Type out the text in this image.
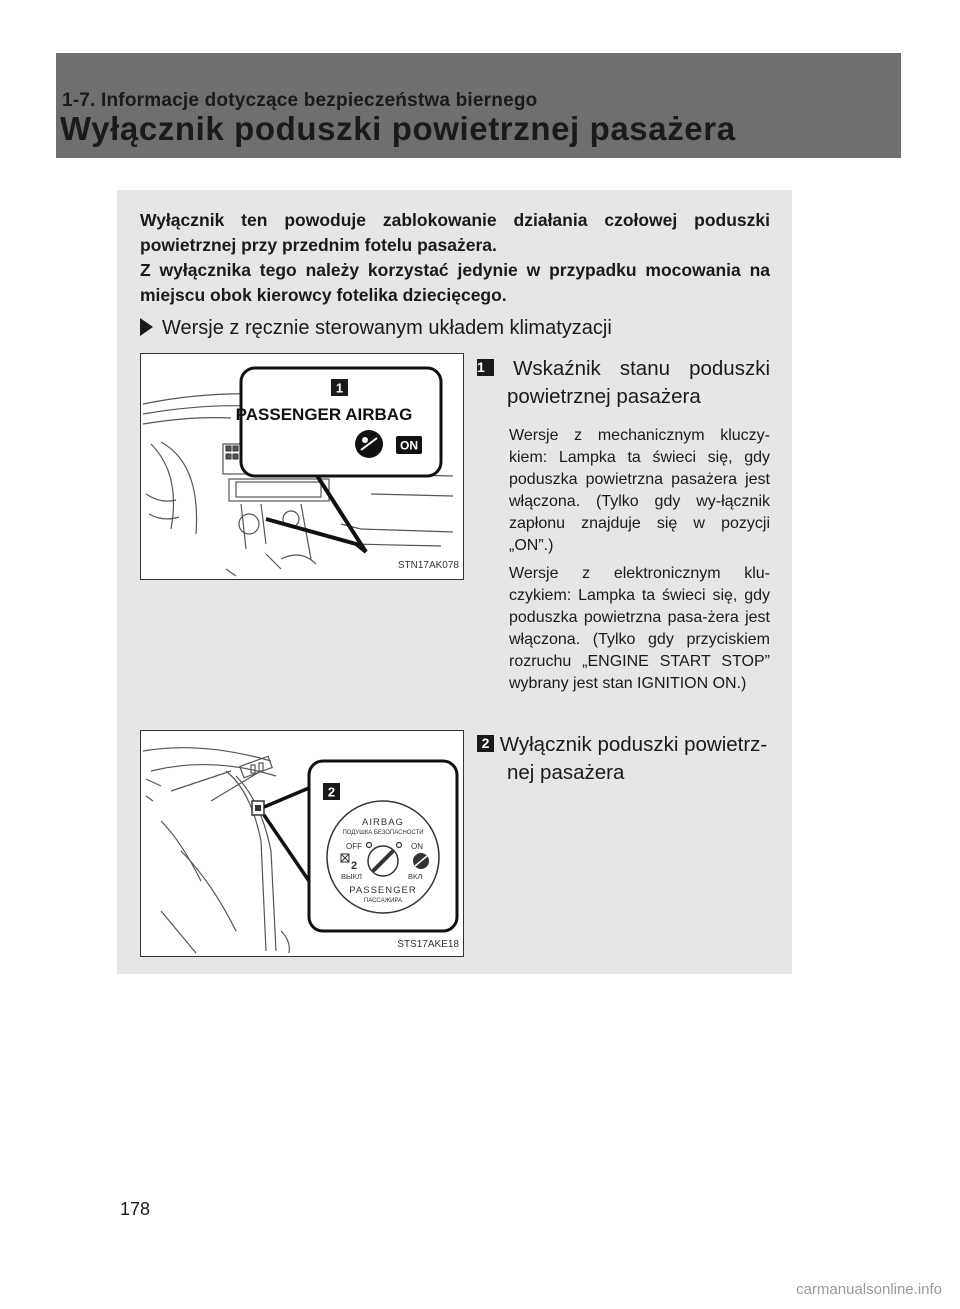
1-7. Informacje dotyczące bezpieczeństwa biernego
Wyłącznik poduszki powietrznej pasażera

Wyłącznik ten powoduje zablokowanie działania czołowej poduszki powietrznej przy przednim fotelu pasażera.

Z wyłącznika tego należy korzystać jedynie w przypadku mocowania na miejscu obok kierowcy fotelika dziecięcego.

Wersje z ręcznie sterowanym układem klimatyzacji
1
PASSENGER AIRBAG
ON
STN17AK078
2
AIRBAG
ПОДУШКА БЕЗОПАСНОСТИ
OFF	ON
2
ВЫКЛ	ВКЛ
PASSENGER
ПАССАЖИРА
STS17AKE18
1 Wskaźnik stanu poduszki
powietrznej pasażera
Wersje z mechanicznym kluczy-kiem: Lampka ta świeci się, gdy poduszka powietrzna pasażera jest włączona. (Tylko gdy wy-łącznik zapłonu znajduje się w pozycji „ON”.)
Wersje z elektronicznym klu-czykiem: Lampka ta świeci się, gdy poduszka powietrzna pasa-żera jest włączona. (Tylko gdy przyciskiem rozruchu „ENGINE START STOP” wybrany jest stan IGNITION ON.)
2 Wyłącznik poduszki powietrz-
nej pasażera
178
carmanualsonline.info
